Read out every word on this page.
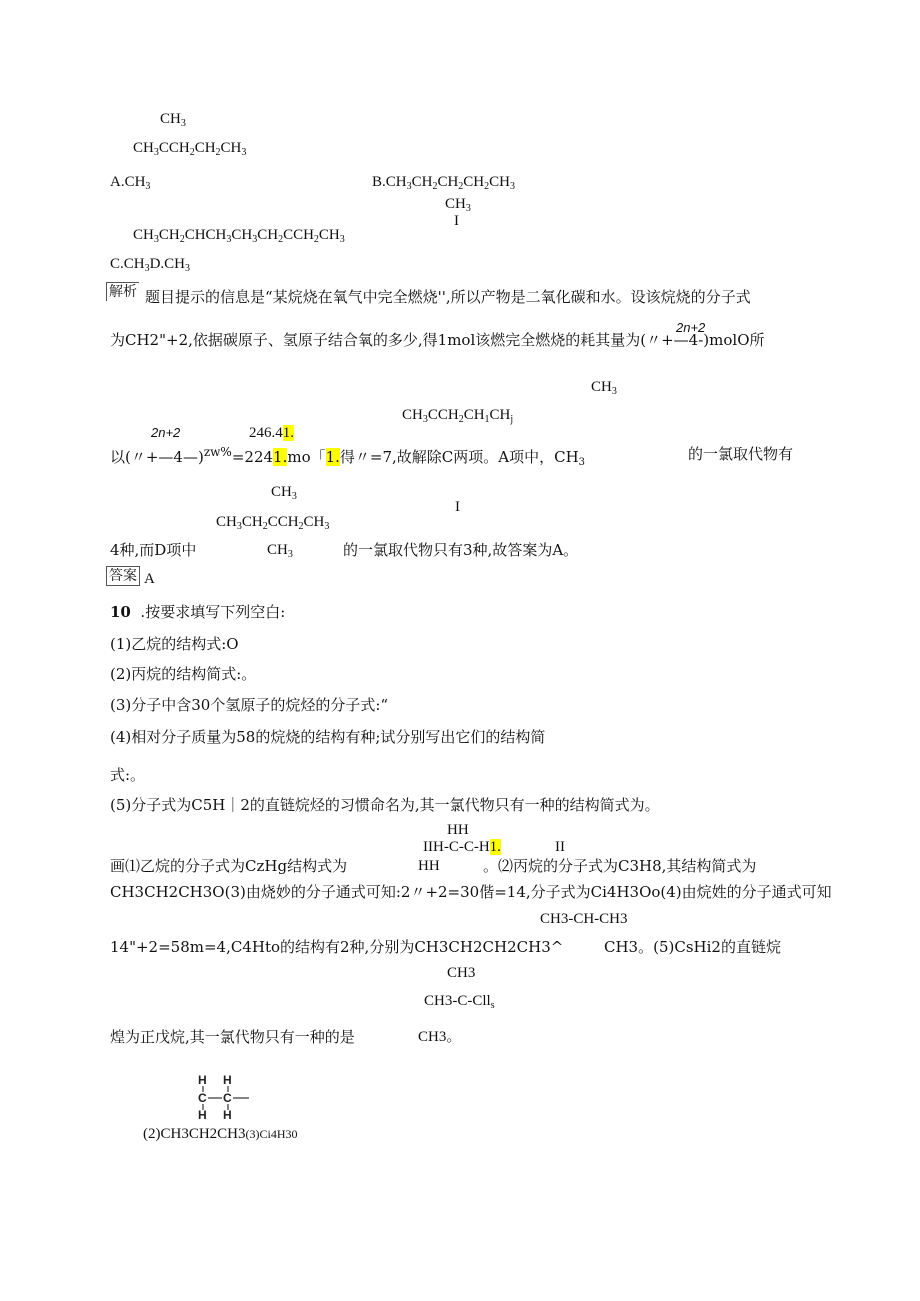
$CH_3$
$CH_3CCH_2CH_2CH_3$
$A.CH_3$	$B.CH_3CH_2CH_2CH_2CH_3$
$CH_3$
I
$CH_3CH_2CHCH_3CH_3CH_2CCH_2CH_3$
$C.CH_3D.CH_3$
解析 题目提示的信息是“某烷烧在氧气中完全燃烧'',所以产物是二氧化碳和水。设该烷烧的分子式
2n+2
为CH2"+2,依据碳原子、氢原子结合氧的多少,得1mol该燃完全燃烧的耗其量为(〃+—4-)molO所
$CH_3$
$CH_3CCH_2CH_1CH_j$
2n+2	246.41.
以(〃+—4—)$^{zw\%}$=2241.mo「1.得〃=7,故解除C两项。A项中，$CH_3$	的一氯取代物有
$CH_3$
I
$CH_3CH_2CCH_2CH_3$
4种,而D项中	$CH_3$	的一氯取代物只有3种,故答案为A。
答案 A
10 .按要求填写下列空白:
(1)乙烷的结构式:O
(2)丙烷的结构简式:。
(3)分子中含30个氢原子的烷烃的分子式:“
(4)相对分子质量为58的烷烧的结构有种;试分别写出它们的结构简
式:。
(5)分子式为C5H｜2的直链烷烃的习惯命名为,其一氯代物只有一种的结构简式为。
HH
IIH-C-C-H1.	II
画⑴乙烷的分子式为CzHg结构式为	HH	。⑵丙烷的分子式为C3H8,其结构简式为
CH3CH2CH3O(3)由烧妙的分子通式可知:2〃+2=30偕=14,分子式为Ci4H3Oo(4)由烷姓的分子通式可知
CH3-CH-CH3
14"+2=58m=4,C4Hto的结构有2种,分别为CH3CH2CH2CH3^	CH3。(5)CsHi2的直链烷
CH3
CH3-C-Cll$_s$
煌为正戊烷,其一氯代物只有一种的是	CH3。
H H
C C
H H
(2)CH3CH2CH3(3)Ci4H30
